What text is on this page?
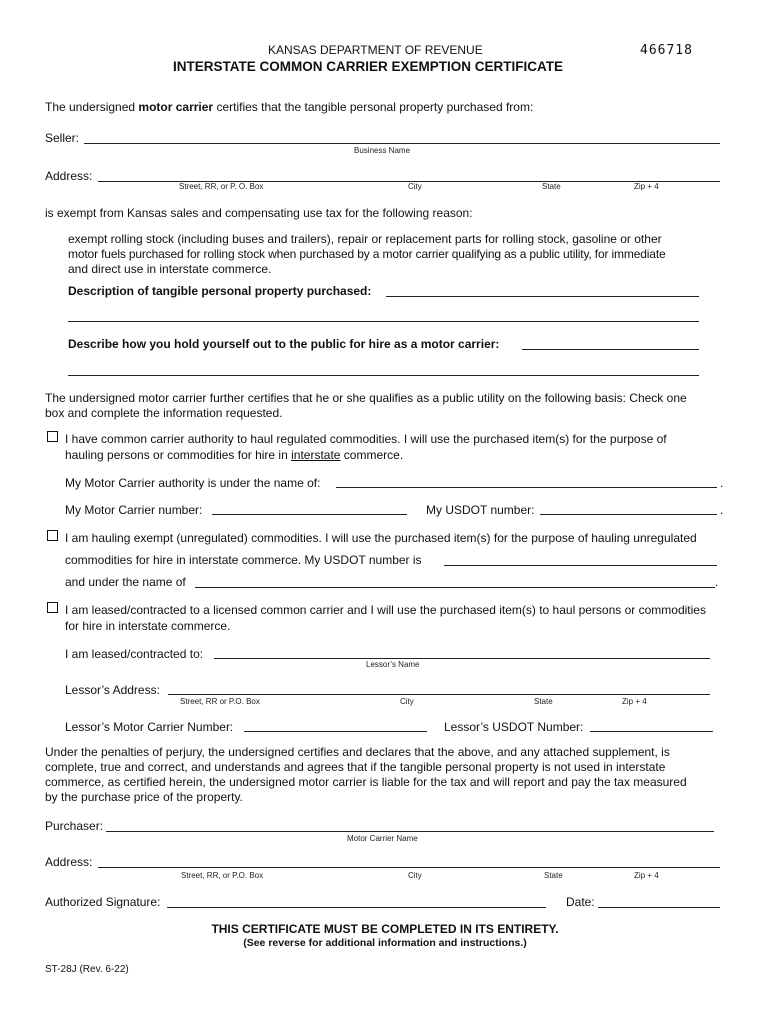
KANSAS DEPARTMENT OF REVENUE	466718
INTERSTATE COMMON CARRIER EXEMPTION CERTIFICATE
The undersigned motor carrier certifies that the tangible personal property purchased from:
Seller:
Business Name
Address:
Street, RR, or P. O. Box	City	State	Zip + 4
is exempt from Kansas sales and compensating use tax for the following reason:
exempt rolling stock (including buses and trailers), repair or replacement parts for rolling stock, gasoline or other
motor fuels purchased for rolling stock when purchased by a motor carrier qualifying as a public utility, for immediate
and direct use in interstate commerce.
Description of tangible personal property purchased:
Describe how you hold yourself out to the public for hire as a motor carrier:
The undersigned motor carrier further certifies that he or she qualifies as a public utility on the following basis: Check one
box and complete the information requested.
I have common carrier authority to haul regulated commodities. I will use the purchased item(s) for the purpose of
hauling persons or commodities for hire in interstate commerce.
My Motor Carrier authority is under the name of:	.
My Motor Carrier number:	My USDOT number:	.
I am hauling exempt (unregulated) commodities. I will use the purchased item(s) for the purpose of hauling unregulated
commodities for hire in interstate commerce. My USDOT number is
and under the name of	.
I am leased/contracted to a licensed common carrier and I will use the purchased item(s) to haul persons or commodities
for hire in interstate commerce.
I am leased/contracted to:
Lessor’s Name
Lessor’s Address:
Street, RR or P.O. Box	City	State	Zip + 4
Lessor’s Motor Carrier Number:	Lessor’s USDOT Number:
Under the penalties of perjury, the undersigned certifies and declares that the above, and any attached supplement, is
complete, true and correct, and understands and agrees that if the tangible personal property is not used in interstate
commerce, as certified herein, the undersigned motor carrier is liable for the tax and will report and pay the tax measured
by the purchase price of the property.
Purchaser:
Motor Carrier Name
Address:
Street, RR, or P.O. Box	City	State	Zip + 4
Authorized Signature:	Date:
THIS CERTIFICATE MUST BE COMPLETED IN ITS ENTIRETY.
(See reverse for additional information and instructions.)
ST-28J (Rev. 6-22)
